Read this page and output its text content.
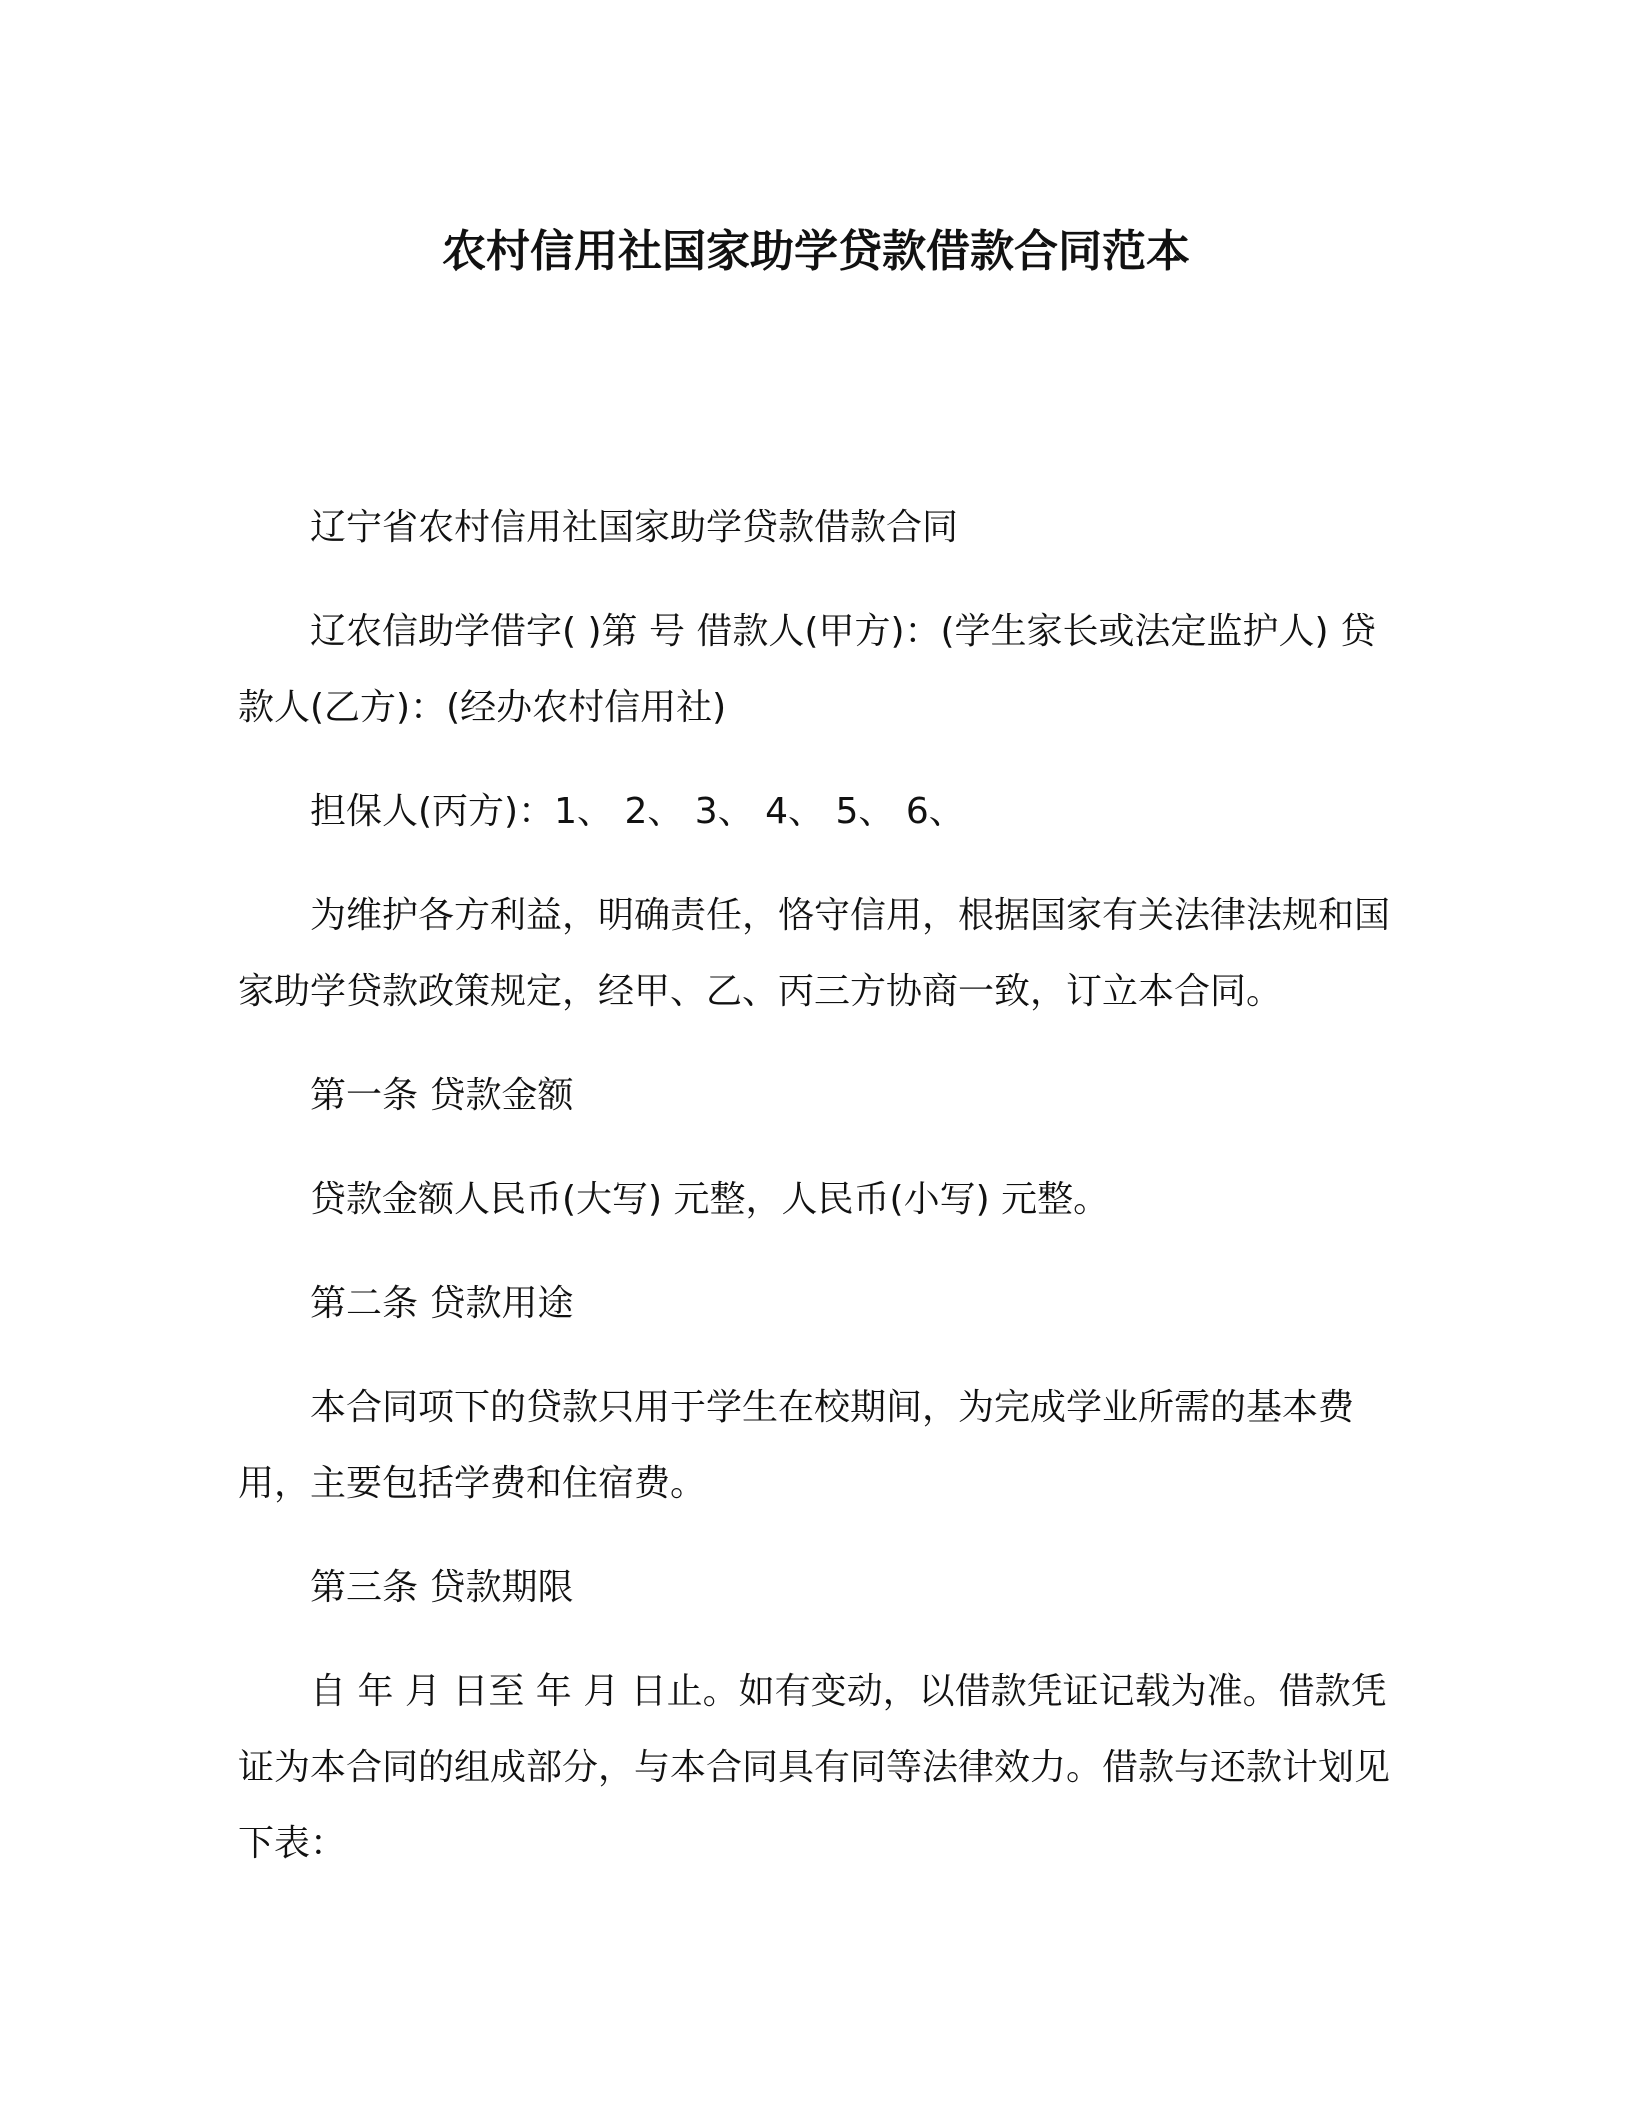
农村信用社国家助学贷款借款合同范本

辽宁省农村信用社国家助学贷款借款合同

辽农信助学借字( )第 号 借款人(甲方)：(学生家长或法定监护人) 贷款人(乙方)：(经办农村信用社)

担保人(丙方)：1、 2、 3、 4、 5、 6、

为维护各方利益，明确责任，恪守信用，根据国家有关法律法规和国家助学贷款政策规定，经甲、乙、丙三方协商一致，订立本合同。

第一条 贷款金额

贷款金额人民币(大写) 元整，人民币(小写) 元整。

第二条 贷款用途

本合同项下的贷款只用于学生在校期间，为完成学业所需的基本费用，主要包括学费和住宿费。

第三条 贷款期限

自 年 月 日至 年 月 日止。如有变动，以借款凭证记载为准。借款凭证为本合同的组成部分，与本合同具有同等法律效力。借款与还款计划见下表：
